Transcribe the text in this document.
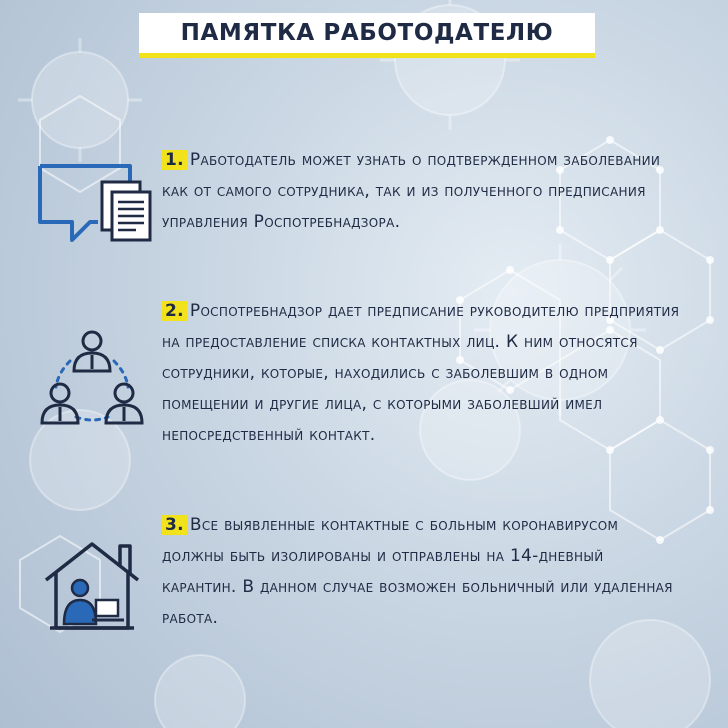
ПАМЯТКА РАБОТОДАТЕЛЮ

1. Работодатель может узнать о подтвержденном заболевании как от самого сотрудника, так и из полученного предписания управления Роспотребнадзора.

2. Роспотребнадзор дает предписание руководителю предприятия на предоставление списка контактных лиц. К ним относятся сотрудники, которые, находились с заболевшим в одном помещении и другие лица, с которыми заболевший имел непосредственный контакт.

3. Все выявленные контактные с больным коронавирусом должны быть изолированы и отправлены на 14-дневный карантин. В данном случае возможен больничный или удаленная работа.
